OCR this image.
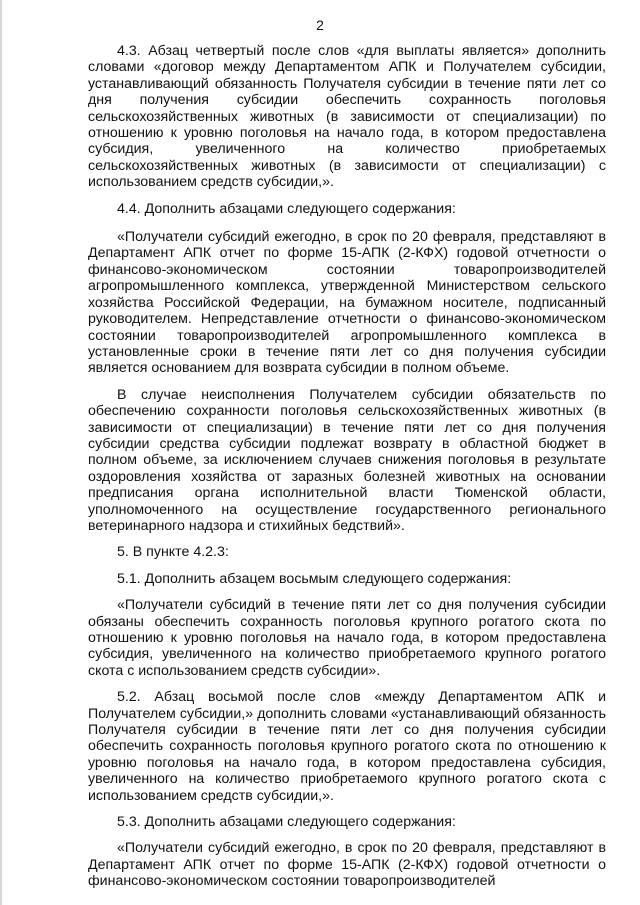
2

4.3. Абзац четвертый после слов «для выплаты является» дополнить словами «договор между Департаментом АПК и Получателем субсидии, устанавливающий обязанность Получателя субсидии в течение пяти лет со дня получения субсидии обеспечить сохранность поголовья сельскохозяйственных животных (в зависимости от специализации) по отношению к уровню поголовья на начало года, в котором предоставлена субсидия, увеличенного на количество приобретаемых сельскохозяйственных животных (в зависимости от специализации) с использованием средств субсидии,».

4.4. Дополнить абзацами следующего содержания:

«Получатели субсидий ежегодно, в срок по 20 февраля, представляют в Департамент АПК отчет по форме 15-АПК (2-КФХ) годовой отчетности о финансово-экономическом состоянии товаропроизводителей агропромышленного комплекса, утвержденной Министерством сельского хозяйства Российской Федерации, на бумажном носителе, подписанный руководителем. Непредставление отчетности о финансово-экономическом состоянии товаропроизводителей агропромышленного комплекса в установленные сроки в течение пяти лет со дня получения субсидии является основанием для возврата субсидии в полном объеме.

В случае неисполнения Получателем субсидии обязательств по обеспечению сохранности поголовья сельскохозяйственных животных (в зависимости от специализации) в течение пяти лет со дня получения субсидии средства субсидии подлежат возврату в областной бюджет в полном объеме, за исключением случаев снижения поголовья в результате оздоровления хозяйства от заразных болезней животных на основании предписания органа исполнительной власти Тюменской области, уполномоченного на осуществление государственного регионального ветеринарного надзора и стихийных бедствий».

5. В пункте 4.2.3:

5.1. Дополнить абзацем восьмым следующего содержания:

«Получатели субсидий в течение пяти лет со дня получения субсидии обязаны обеспечить сохранность поголовья крупного рогатого скота по отношению к уровню поголовья на начало года, в котором предоставлена субсидия, увеличенного на количество приобретаемого крупного рогатого скота с использованием средств субсидии».

5.2. Абзац восьмой после слов «между Департаментом АПК и Получателем субсидии,» дополнить словами «устанавливающий обязанность Получателя субсидии в течение пяти лет со дня получения субсидии обеспечить сохранность поголовья крупного рогатого скота по отношению к уровню поголовья на начало года, в котором предоставлена субсидия, увеличенного на количество приобретаемого крупного рогатого скота с использованием средств субсидии,».

5.3. Дополнить абзацами следующего содержания:

«Получатели субсидий ежегодно, в срок по 20 февраля, представляют в Департамент АПК отчет по форме 15-АПК (2-КФХ) годовой отчетности о финансово-экономическом состоянии товаропроизводителей
